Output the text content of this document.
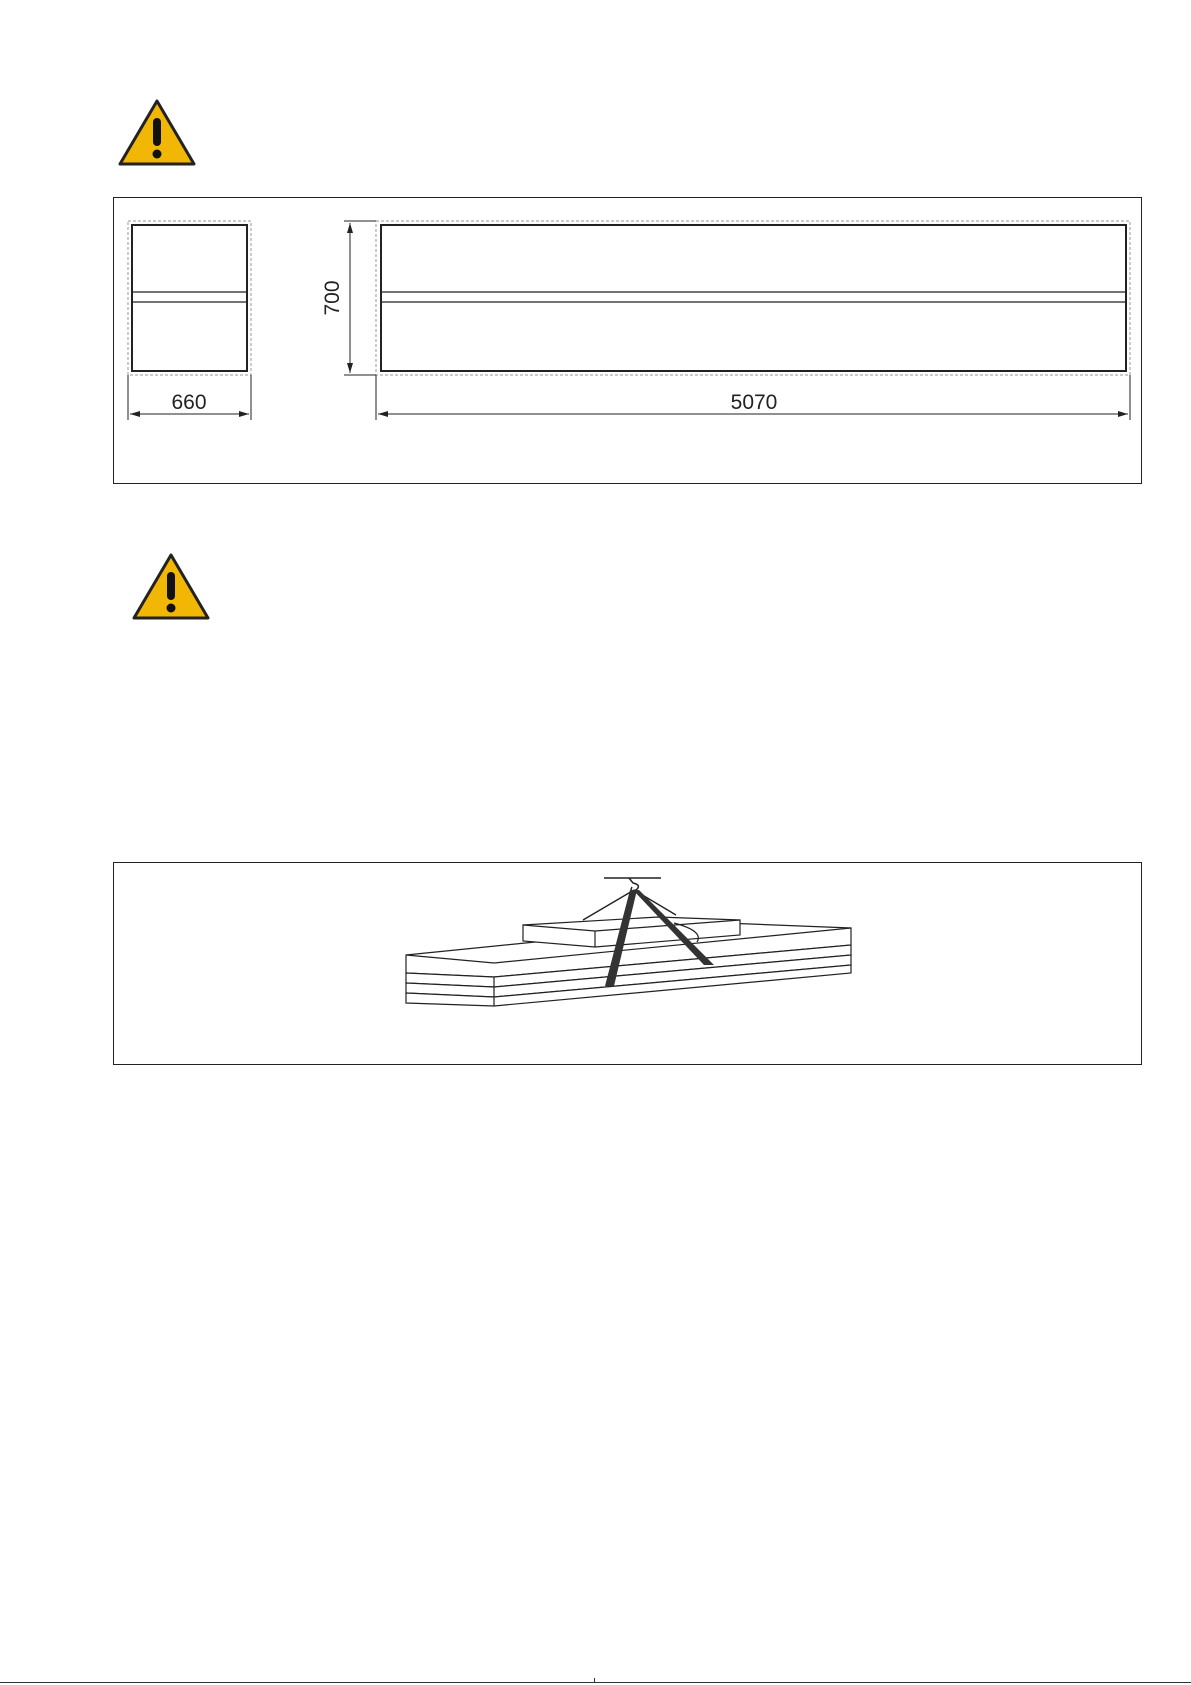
660
700
5070
